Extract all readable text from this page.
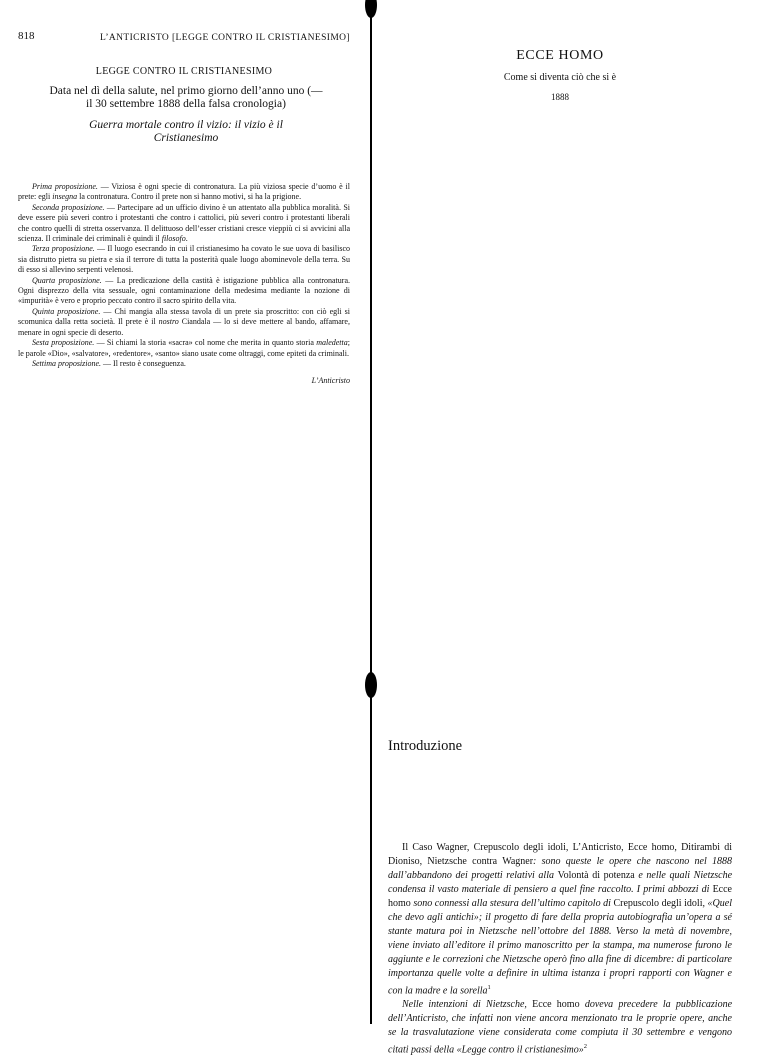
818	L’ANTICRISTO [LEGGE CONTRO IL CRISTIANESIMO]
LEGGE CONTRO IL CRISTIANESIMO
Data nel dì della salute, nel primo giorno dell’anno uno (— il 30 settembre 1888 della falsa cronologia)
Guerra mortale contro il vizio: il vizio è il Cristianesimo

Prima proposizione. — Viziosa è ogni specie di contronatura. La più viziosa specie d’uomo è il prete: egli insegna la contronatura. Contro il prete non si hanno motivi, si ha la prigione.

Seconda proposizione. — Partecipare ad un ufficio divino è un attentato alla pubblica moralità. Si deve essere più severi contro i protestanti che contro i cattolici, più severi contro i protestanti liberali che contro quelli di stretta osservanza. Il delittuoso dell’esser cristiani cresce vieppiù ci si avvicini alla scienza. Il criminale dei criminali è quindi il filosofo.

Terza proposizione. — Il luogo esecrando in cui il cristianesimo ha covato le sue uova di basilisco sia distrutto pietra su pietra e sia il terrore di tutta la posterità quale luogo abominevole della terra. Su di esso si allevino serpenti velenosi.

Quarta proposizione. — La predicazione della castità è istigazione pubblica alla contronatura. Ogni disprezzo della vita sessuale, ogni contaminazione della medesima mediante la nozione di «impurità» è vero e proprio peccato contro il sacro spirito della vita.

Quinta proposizione. — Chi mangia alla stessa tavola di un prete sia proscritto: con ciò egli si scomunica dalla retta società. Il prete è il nostro Ciandala — lo si deve mettere al bando, affamare, menare in ogni specie di deserto.

Sesta proposizione. — Si chiami la storia «sacra» col nome che merita in quanto storia maledetta; le parole «Dio», «salvatore», «redentore», «santo» siano usate come oltraggi, come epiteti da criminali.

Settima proposizione. — Il resto è conseguenza.

L’Anticristo
ECCE HOMO
Come si diventa ciò che si è
1888
Introduzione

Il Caso Wagner, Crepuscolo degli idoli, L’Anticristo, Ecce homo, Ditirambi di Dioniso, Nietzsche contra Wagner: sono queste le opere che nascono nel 1888 dall’abbandono dei progetti relativi alla Volontà di potenza e nelle quali Nietzsche condensa il vasto materiale di pensiero a quel fine raccolto. I primi abbozzi di Ecce homo sono connessi alla stesura dell’ultimo capitolo di Crepuscolo degli idoli, «Quel che devo agli antichi»; il progetto di fare della propria autobiografia un’opera a sé stante matura poi in Nietzsche nell’ottobre del 1888. Verso la metà di novembre, viene inviato all’editore il primo manoscritto per la stampa, ma numerose furono le aggiunte e le correzioni che Nietzsche operò fino alla fine di dicembre: di particolare importanza quelle volte a definire in ultima istanza i propri rapporti con Wagner e con la madre e la sorella$^1$

Nelle intenzioni di Nietzsche, Ecce homo doveva precedere la pubblicazione dell’Anticristo, che infatti non viene ancora menzionato tra le proprie opere, anche se la trasvalutazione viene considerata come compiuta il 30 settembre e vengono citati passi della «Legge contro il cristianesimo»$^2$
